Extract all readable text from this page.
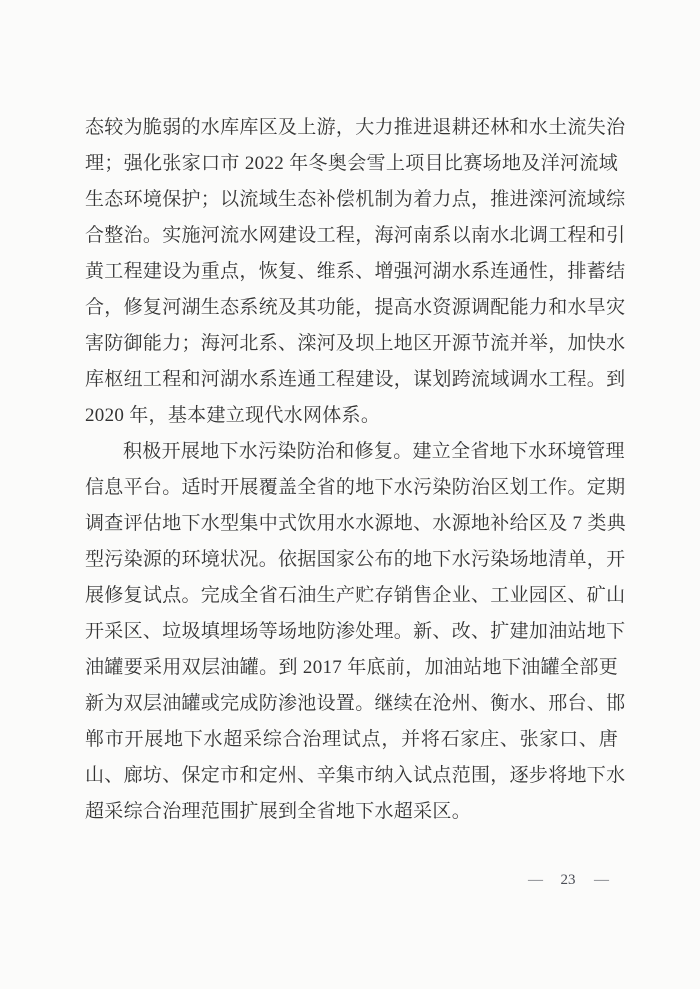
态较为脆弱的水库库区及上游，大力推进退耕还林和水土流失治
理；强化张家口市 2022 年冬奥会雪上项目比赛场地及洋河流域
生态环境保护；以流域生态补偿机制为着力点，推进滦河流域综
合整治。实施河流水网建设工程，海河南系以南水北调工程和引
黄工程建设为重点，恢复、维系、增强河湖水系连通性，排蓄结
合，修复河湖生态系统及其功能，提高水资源调配能力和水旱灾
害防御能力；海河北系、滦河及坝上地区开源节流并举，加快水
库枢纽工程和河湖水系连通工程建设，谋划跨流域调水工程。到
2020 年，基本建立现代水网体系。
积极开展地下水污染防治和修复。建立全省地下水环境管理
信息平台。适时开展覆盖全省的地下水污染防治区划工作。定期
调查评估地下水型集中式饮用水水源地、水源地补给区及 7 类典
型污染源的环境状况。依据国家公布的地下水污染场地清单，开
展修复试点。完成全省石油生产贮存销售企业、工业园区、矿山
开采区、垃圾填埋场等场地防渗处理。新、改、扩建加油站地下
油罐要采用双层油罐。到 2017 年底前，加油站地下油罐全部更
新为双层油罐或完成防渗池设置。继续在沧州、衡水、邢台、邯
郸市开展地下水超采综合治理试点，并将石家庄、张家口、唐
山、廊坊、保定市和定州、辛集市纳入试点范围，逐步将地下水
超采综合治理范围扩展到全省地下水超采区。
— 23 —
